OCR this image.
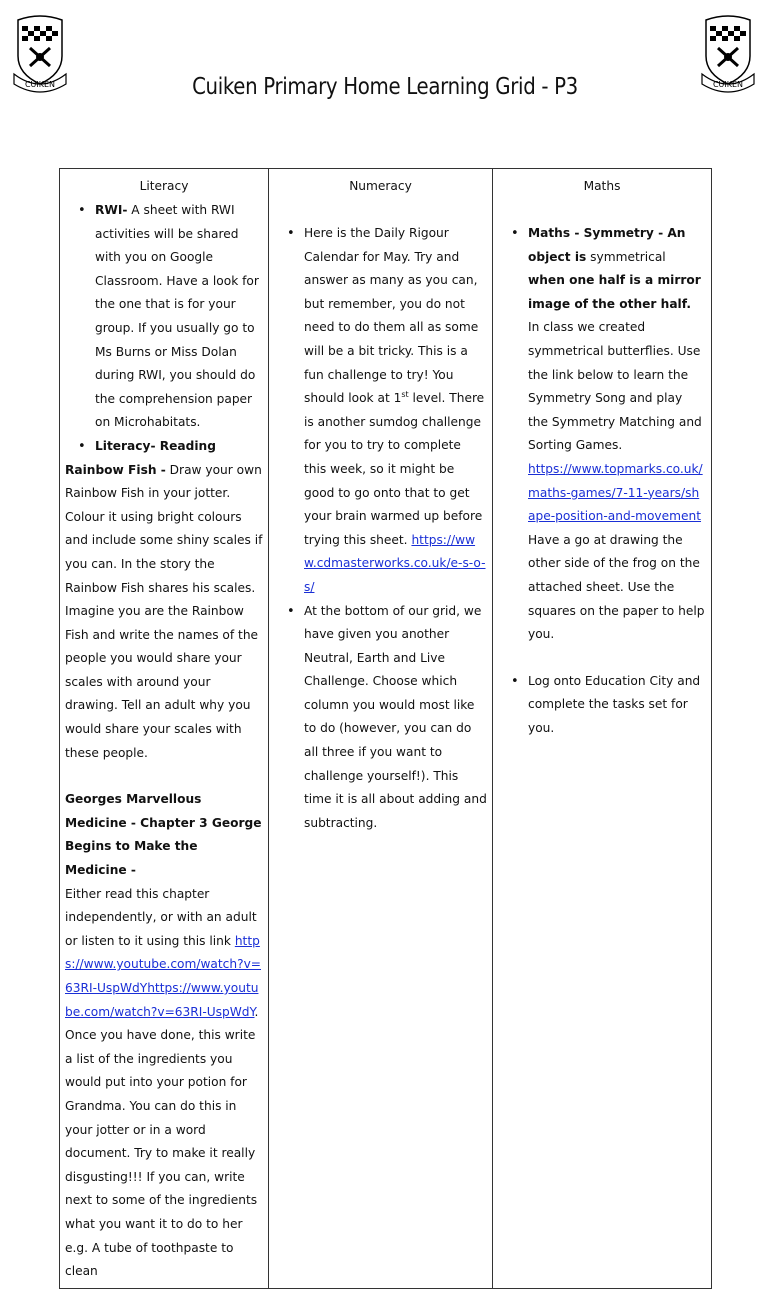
CUIKEN	CUIKEN
Cuiken Primary Home Learning Grid - P3
Literacy
• RWI- A sheet with RWI activities will be shared with you on Google Classroom. Have a look for the one that is for your group. If you usually go to Ms Burns or Miss Dolan during RWI, you should do the comprehension paper on Microhabitats.
• Literacy- Reading
Rainbow Fish - Draw your own Rainbow Fish in your jotter. Colour it using bright colours and include some shiny scales if you can. In the story the Rainbow Fish shares his scales. Imagine you are the Rainbow Fish and write the names of the people you would share your scales with around your drawing. Tell an adult why you would share your scales with these people.
Georges Marvellous Medicine - Chapter 3 George Begins to Make the Medicine -
Either read this chapter independently, or with an adult or listen to it using this link https://www.youtube.com/watch?v=63RI-UspWdYhttps://www.youtube.com/watch?v=63RI-UspWdY. Once you have done, this write a list of the ingredients you would put into your potion for Grandma. You can do this in your jotter or in a word document. Try to make it really disgusting!!! If you can, write next to some of the ingredients what you want it to do to her e.g. A tube of toothpaste to clean

Numeracy
• Here is the Daily Rigour Calendar for May. Try and answer as many as you can, but remember, you do not need to do them all as some will be a bit tricky. This is a fun challenge to try! You should look at 1st level. There is another sumdog challenge for you to try to complete this week, so it might be good to go onto that to get your brain warmed up before trying this sheet. https://www.cdmasterworks.co.uk/e-s-o-s/
• At the bottom of our grid, we have given you another Neutral, Earth and Live Challenge. Choose which column you would most like to do (however, you can do all three if you want to challenge yourself!). This time it is all about adding and subtracting.

Maths
• Maths - Symmetry - An object is symmetrical when one half is a mirror image of the other half.
In class we created symmetrical butterflies. Use the link below to learn the Symmetry Song and play the Symmetry Matching and Sorting Games.
https://www.topmarks.co.uk/maths-games/7-11-years/shape-position-and-movement
Have a go at drawing the other side of the frog on the attached sheet. Use the squares on the paper to help you.
• Log onto Education City and complete the tasks set for you.
